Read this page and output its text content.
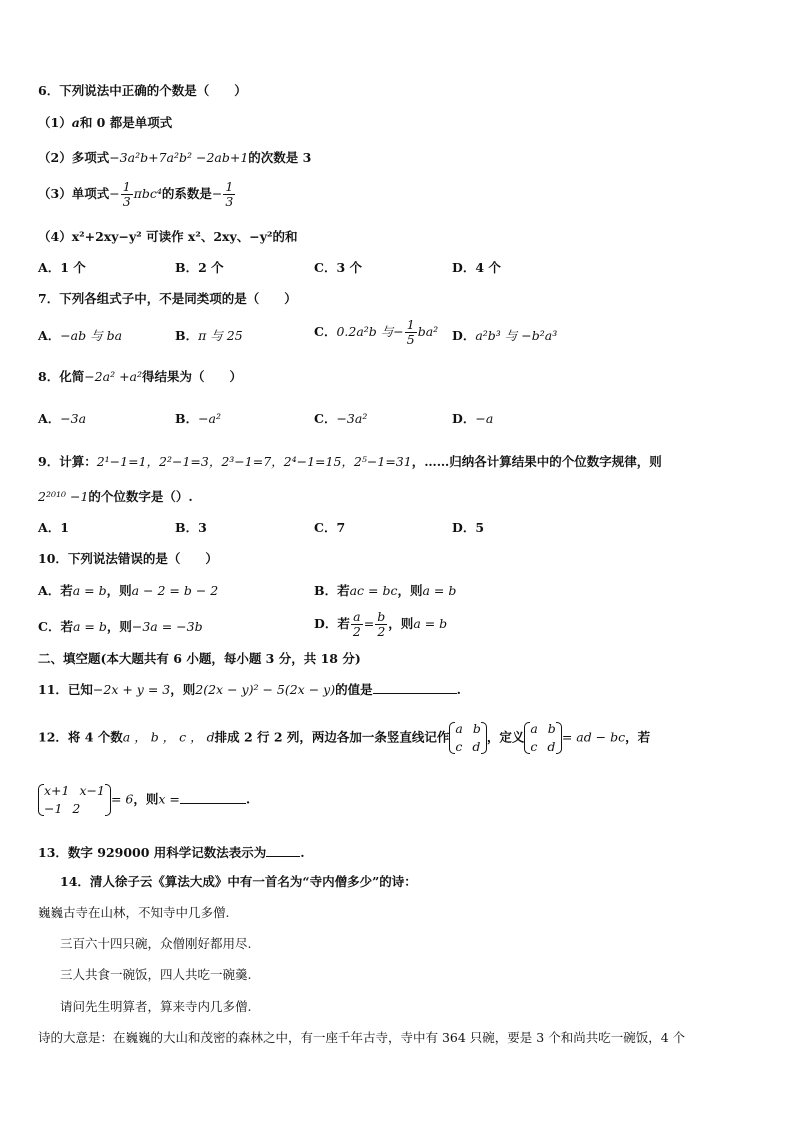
6．下列说法中正确的个数是（　　）
（1）a和 0 都是单项式
（2）多项式−3a²b+7a²b² −2ab+1的次数是 3
（3）单项式− $\frac{1}{3} \pi bc^4$的系数是− $\frac{1}{3}$
（4）x²+2xy−y² 可读作 x²、2xy、−y²的和
A．1 个	B．2 个	C．3 个	D．4 个
7．下列各组式子中，不是同类项的是（　　）
A．−ab 与 ba	B．π 与 25	C．0.2a²b 与− $\frac{1}{5} ba^2$ D．a²b³ 与 −b²a³
8．化简−2a² +a²得结果为（　　）
A．−3a	B．−a²	C．−3a²	D．−a
9．计算：2¹−1=1，2²−1=3，2³−1=7，2⁴−1=15，2⁵−1=31，……归纳各计算结果中的个位数字规律，则
2²⁰¹⁰ −1的个位数字是（）.
A．1	B．3	C．7	D．5
10．下列说法错误的是（　　）
A．若a = b，则a − 2 = b − 2	B．若ac = bc，则a = b
C．若a = b，则−3a = −3b	D．若 $\frac{a}{2} = \frac{b}{2}$ ，则a = b
二、填空题(本大题共有 6 小题，每小题 3 分，共 18 分)
11．已知−2x + y = 3，则2(2x − y)² − 5(2x − y)的值是	.
12．将 4 个数a ， b ， c ， d排成 2 行 2 列，两边各加一条竖直线记作
a b
c d
，定义
a b
c d
= ad − bc，若
x+1 x−1
−1 2
= 6，则x =	.
13．数字 929000 用科学记数法表示为	.
14．清人徐子云《算法大成》中有一首名为“寺内僧多少”的诗：
巍巍古寺在山林，不知寺中几多僧.
三百六十四只碗，众僧刚好都用尽.
三人共食一碗饭，四人共吃一碗羹.
请问先生明算者，算来寺内几多僧.
诗的大意是：在巍巍的大山和茂密的森林之中，有一座千年古寺，寺中有 364 只碗，要是 3 个和尚共吃一碗饭，4 个
